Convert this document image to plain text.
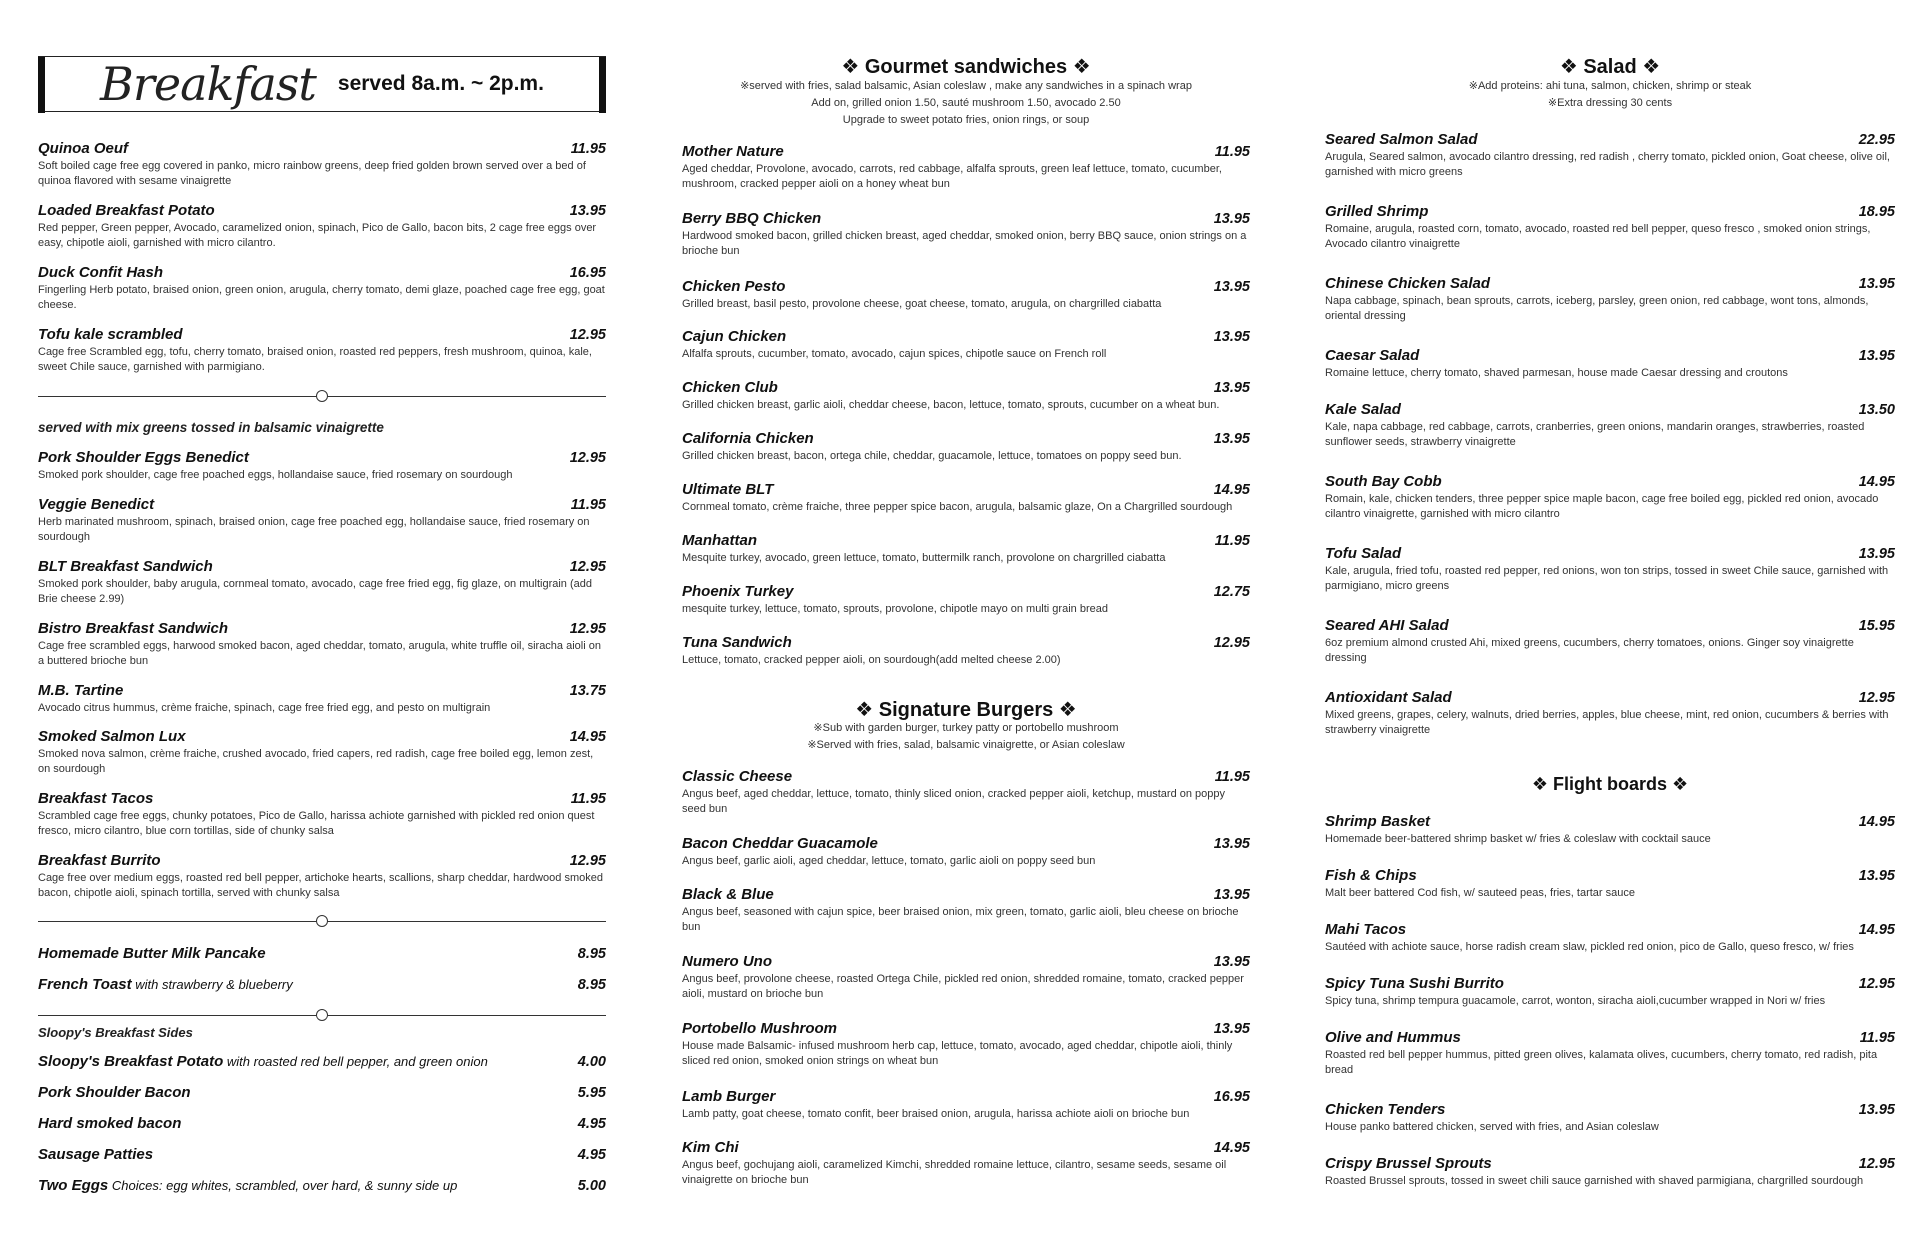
Breakfast served 8a.m. ~ 2p.m.
Quinoa Oeuf	11.95
Soft boiled cage free egg covered in panko, micro rainbow greens, deep fried golden brown served over a bed of quinoa flavored with sesame vinaigrette
Loaded Breakfast Potato	13.95
Red pepper, Green pepper, Avocado, caramelized onion, spinach, Pico de Gallo, bacon bits, 2 cage free eggs over easy, chipotle aioli, garnished with micro cilantro.
Duck Confit Hash	16.95
Fingerling Herb potato, braised onion, green onion, arugula, cherry tomato, demi glaze, poached cage free egg, goat cheese.
Tofu kale scrambled	12.95
Cage free Scrambled egg, tofu, cherry tomato, braised onion, roasted red peppers, fresh mushroom, quinoa, kale, sweet Chile sauce, garnished with parmigiano.
served with mix greens tossed in balsamic vinaigrette
Pork Shoulder Eggs Benedict	12.95
Smoked pork shoulder, cage free poached eggs, hollandaise sauce, fried rosemary on sourdough
Veggie Benedict	11.95
Herb marinated mushroom, spinach, braised onion, cage free poached egg, hollandaise sauce, fried rosemary on sourdough
BLT Breakfast Sandwich	12.95
Smoked pork shoulder, baby arugula, cornmeal tomato, avocado, cage free fried egg, fig glaze, on multigrain (add Brie cheese 2.99)
Bistro Breakfast Sandwich	12.95
Cage free scrambled eggs, harwood smoked bacon, aged cheddar, tomato, arugula, white truffle oil, siracha aioli on a buttered brioche bun
M.B. Tartine	13.75
Avocado citrus hummus, crème fraiche, spinach, cage free fried egg, and pesto on multigrain
Smoked Salmon Lux	14.95
Smoked nova salmon, crème fraiche, crushed avocado, fried capers, red radish, cage free boiled egg, lemon zest, on sourdough
Breakfast Tacos	11.95
Scrambled cage free eggs, chunky potatoes, Pico de Gallo, harissa achiote garnished with pickled red onion quest fresco, micro cilantro, blue corn tortillas, side of chunky salsa
Breakfast Burrito	12.95
Cage free over medium eggs, roasted red bell pepper, artichoke hearts, scallions, sharp cheddar, hardwood smoked bacon, chipotle aioli, spinach tortilla, served with chunky salsa
Homemade Butter Milk Pancake	8.95
French Toast with strawberry & blueberry	8.95
Sloopy's Breakfast Sides
Sloopy's Breakfast Potato with roasted red bell pepper, and green onion	4.00
Pork Shoulder Bacon	5.95
Hard smoked bacon	4.95
Sausage Patties	4.95
Two Eggs Choices: egg whites, scrambled, over hard, & sunny side up	5.00
❖ Gourmet sandwiches ❖
※served with fries, salad balsamic, Asian coleslaw , make any sandwiches in a spinach wrap
Add on, grilled onion 1.50, sauté mushroom 1.50, avocado 2.50
Upgrade to sweet potato fries, onion rings, or soup
Mother Nature	11.95
Aged cheddar, Provolone, avocado, carrots, red cabbage, alfalfa sprouts, green leaf lettuce, tomato, cucumber, mushroom, cracked pepper aioli on a honey wheat bun
Berry BBQ Chicken	13.95
Hardwood smoked bacon, grilled chicken breast, aged cheddar, smoked onion, berry BBQ sauce, onion strings on a brioche bun
Chicken Pesto	13.95
Grilled breast, basil pesto, provolone cheese, goat cheese, tomato, arugula, on chargrilled ciabatta
Cajun Chicken	13.95
Alfalfa sprouts, cucumber, tomato, avocado, cajun spices, chipotle sauce on French roll
Chicken Club	13.95
Grilled chicken breast, garlic aioli, cheddar cheese, bacon, lettuce, tomato, sprouts, cucumber on a wheat bun.
California Chicken	13.95
Grilled chicken breast, bacon, ortega chile, cheddar, guacamole, lettuce, tomatoes on poppy seed bun.
Ultimate BLT	14.95
Cornmeal tomato, crème fraiche, three pepper spice bacon, arugula, balsamic glaze, On a Chargrilled sourdough
Manhattan	11.95
Mesquite turkey, avocado, green lettuce, tomato, buttermilk ranch, provolone on chargrilled ciabatta
Phoenix Turkey	12.75
mesquite turkey, lettuce, tomato, sprouts, provolone, chipotle mayo on multi grain bread
Tuna Sandwich	12.95
Lettuce, tomato, cracked pepper aioli, on sourdough(add melted cheese 2.00)
❖ Signature Burgers ❖
※Sub with garden burger, turkey patty or portobello mushroom
※Served with fries, salad, balsamic vinaigrette, or Asian coleslaw
Classic Cheese	11.95
Angus beef, aged cheddar, lettuce, tomato, thinly sliced onion, cracked pepper aioli, ketchup, mustard on poppy seed bun
Bacon Cheddar Guacamole	13.95
Angus beef, garlic aioli, aged cheddar, lettuce, tomato, garlic aioli on poppy seed bun
Black & Blue	13.95
Angus beef, seasoned with cajun spice, beer braised onion, mix green, tomato, garlic aioli, bleu cheese on brioche bun
Numero Uno	13.95
Angus beef, provolone cheese, roasted Ortega Chile, pickled red onion, shredded romaine, tomato, cracked pepper aioli, mustard on brioche bun
Portobello Mushroom	13.95
House made Balsamic- infused mushroom herb cap, lettuce, tomato, avocado, aged cheddar, chipotle aioli, thinly sliced red onion, smoked onion strings on wheat bun
Lamb Burger	16.95
Lamb patty, goat cheese, tomato confit, beer braised onion, arugula, harissa achiote aioli on brioche bun
Kim Chi	14.95
Angus beef, gochujang aioli, caramelized Kimchi, shredded romaine lettuce, cilantro, sesame seeds, sesame oil vinaigrette on brioche bun
❖ Salad ❖
※Add proteins: ahi tuna, salmon, chicken, shrimp or steak
※Extra dressing 30 cents
Seared Salmon Salad	22.95
Arugula, Seared salmon, avocado cilantro dressing, red radish , cherry tomato, pickled onion, Goat cheese, olive oil, garnished with micro greens
Grilled Shrimp	18.95
Romaine, arugula, roasted corn, tomato, avocado, roasted red bell pepper, queso fresco , smoked onion strings, Avocado cilantro vinaigrette
Chinese Chicken Salad	13.95
Napa cabbage, spinach, bean sprouts, carrots, iceberg, parsley, green onion, red cabbage, wont tons, almonds, oriental dressing
Caesar Salad	13.95
Romaine lettuce, cherry tomato, shaved parmesan, house made Caesar dressing and croutons
Kale Salad	13.50
Kale, napa cabbage, red cabbage, carrots, cranberries, green onions, mandarin oranges, strawberries, roasted sunflower seeds, strawberry vinaigrette
South Bay Cobb	14.95
Romain, kale, chicken tenders, three pepper spice maple bacon, cage free boiled egg, pickled red onion, avocado cilantro vinaigrette, garnished with micro cilantro
Tofu Salad	13.95
Kale, arugula, fried tofu, roasted red pepper, red onions, won ton strips, tossed in sweet Chile sauce, garnished with parmigiano, micro greens
Seared AHI Salad	15.95
6oz premium almond crusted Ahi, mixed greens, cucumbers, cherry tomatoes, onions. Ginger soy vinaigrette dressing
Antioxidant Salad	12.95
Mixed greens, grapes, celery, walnuts, dried berries, apples, blue cheese, mint, red onion, cucumbers & berries with strawberry vinaigrette
❖ Flight boards ❖
Shrimp Basket	14.95
Homemade beer-battered shrimp basket w/ fries & coleslaw with cocktail sauce
Fish & Chips	13.95
Malt beer battered Cod fish, w/ sauteed peas, fries, tartar sauce
Mahi Tacos	14.95
Sautéed with achiote sauce, horse radish cream slaw, pickled red onion, pico de Gallo, queso fresco, w/ fries
Spicy Tuna Sushi Burrito	12.95
Spicy tuna, shrimp tempura guacamole, carrot, wonton, siracha aioli,cucumber wrapped in Nori w/ fries
Olive and Hummus	11.95
Roasted red bell pepper hummus, pitted green olives, kalamata olives, cucumbers, cherry tomato, red radish, pita bread
Chicken Tenders	13.95
House panko battered chicken, served with fries, and Asian coleslaw
Crispy Brussel Sprouts	12.95
Roasted Brussel sprouts, tossed in sweet chili sauce garnished with shaved parmigiana, chargrilled sourdough
